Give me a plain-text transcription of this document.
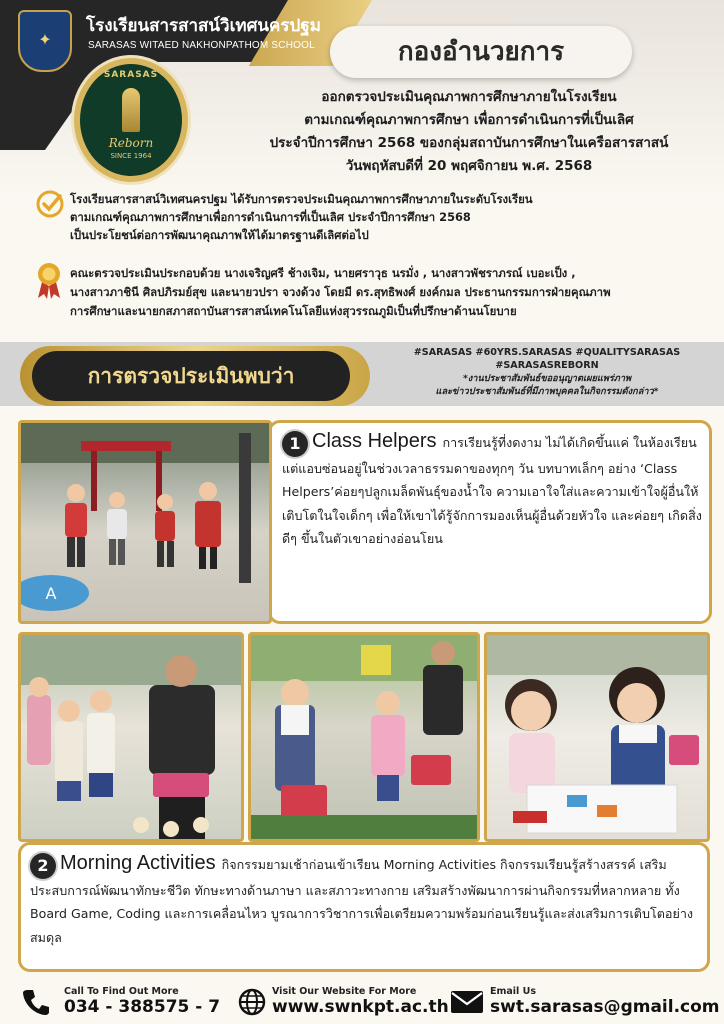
✦
โรงเรียนสารสาสน์วิเทศนครปฐม
SARASAS WITAED NAKHONPATHOM SCHOOL
SARASAS
Reborn
SINCE 1964
กองอำนวยการ
ออกตรวจประเมินคุณภาพการศึกษาภายในโรงเรียน
ตามเกณฑ์คุณภาพการศึกษา เพื่อการดำเนินการที่เป็นเลิศ
ประจำปีการศึกษา 2568 ของกลุ่มสถาบันการศึกษาในเครือสารสาสน์
วันพฤหัสบดีที่ 20 พฤศจิกายน พ.ศ. 2568
โรงเรียนสารสาสน์วิเทศนครปฐม ได้รับการตรวจประเมินคุณภาพการศึกษาภายในระดับโรงเรียน
ตามเกณฑ์คุณภาพการศึกษาเพื่อการดำเนินการที่เป็นเลิศ ประจำปีการศึกษา 2568
เป็นประโยชน์ต่อการพัฒนาคุณภาพให้ได้มาตรฐานดีเลิศต่อไป
คณะตรวจประเมินประกอบด้วย นางเจริญศรี ช้างเจิม, นายศราวุธ นรมั่ง , นางสาวพัชราภรณ์ เบอะเป็ง ,
นางสาวภาชินี ศิลปภิรมย์สุข และนายวปรา จวงด้วง โดยมี ดร.สุทธิพงศ์ ยงค์กมล ประธานกรรมการฝ่ายคุณภาพ
การศึกษาและนายกสภาสถาบันสารสาสน์เทคโนโลยีแห่งสุวรรณภูมิเป็นที่ปรึกษาด้านนโยบาย
การตรวจประเมินพบว่า
#SARASAS #60YRS.SARASAS #QUALITYSARASAS
#SARASASREBORN
*งานประชาสัมพันธ์ขออนุญาตเผยแพร่ภาพ
และข่าวประชาสัมพันธ์ที่มีภาพบุคคลในกิจกรรมดังกล่าว*
A
1 Class Helpers การเรียนรู้ที่งดงาม ไม่ได้เกิดขึ้นแค่ ในห้องเรียน แต่แอบซ่อนอยู่ในช่วงเวลาธรรมดาของทุกๆ วัน บทบาทเล็กๆ อย่าง ‘Class Helpers’ค่อยๆปลูกเมล็ดพันธุ์ของน้ำใจ ความเอาใจใส่และความเข้าใจผู้อื่นให้เติบโตในใจเด็กๆ เพื่อให้เขาได้รู้จักการมองเห็นผู้อื่นด้วยหัวใจ และค่อยๆ เกิดสิ่งดีๆ ขึ้นในตัวเขาอย่างอ่อนโยน
2 Morning Activities กิจกรรมยามเช้าก่อนเข้าเรียน Morning Activities กิจกรรมเรียนรู้สร้างสรรค์ เสริมประสบการณ์พัฒนาทักษะชีวิต ทักษะทางด้านภาษา และสภาวะทางกาย เสริมสร้างพัฒนาการผ่านกิจกรรมที่หลากหลาย ทั้ง Board Game, Coding และการเคลื่อนไหว บูรณาการวิชาการเพื่อเตรียมความพร้อมก่อนเรียนรู้และส่งเสริมการเติบโตอย่างสมดุล
Call To Find Out More
034 - 388575 - 7
Visit Our Website For More
www.swnkpt.ac.th
Email Us
swt.sarasas@gmail.com
